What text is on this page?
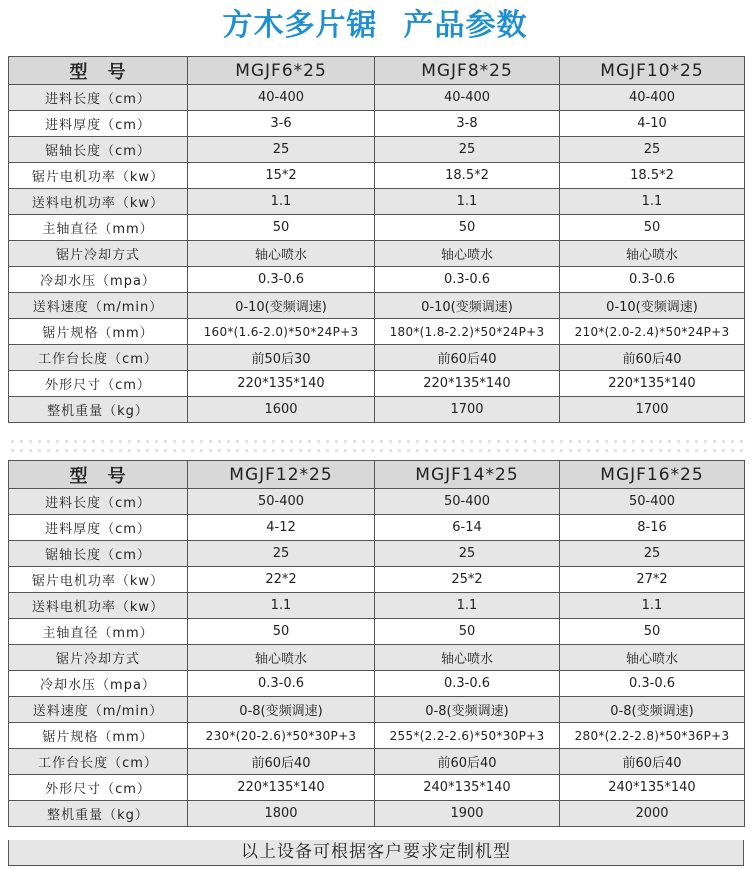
方木多片锯 产品参数
型　号	MGJF6*25	MGJF8*25	MGJF10*25
进料长度（cm）	40-400	40-400	40-400
进料厚度（cm）	3-6	3-8	4-10
锯轴长度（cm）	25	25	25
锯片电机功率（kw）	15*2	18.5*2	18.5*2
送料电机功率（kw）	1.1	1.1	1.1
主轴直径（mm）	50	50	50
锯片冷却方式	轴心喷水	轴心喷水	轴心喷水
冷却水压（mpa）	0.3-0.6	0.3-0.6	0.3-0.6
送料速度（m/min）	0-10(变频调速)	0-10(变频调速)	0-10(变频调速)
锯片规格（mm）	160*(1.6-2.0)*50*24P+3	180*(1.8-2.2)*50*24P+3	210*(2.0-2.4)*50*24P+3
工作台长度（cm）	前50后30	前60后40	前60后40
外形尺寸（cm）	220*135*140	220*135*140	220*135*140
整机重量（kg）	1600	1700	1700
型　号	MGJF12*25	MGJF14*25	MGJF16*25
进料长度（cm）	50-400	50-400	50-400
进料厚度（cm）	4-12	6-14	8-16
锯轴长度（cm）	25	25	25
锯片电机功率（kw）	22*2	25*2	27*2
送料电机功率（kw）	1.1	1.1	1.1
主轴直径（mm）	50	50	50
锯片冷却方式	轴心喷水	轴心喷水	轴心喷水
冷却水压（mpa）	0.3-0.6	0.3-0.6	0.3-0.6
送料速度（m/min）	0-8(变频调速)	0-8(变频调速)	0-8(变频调速)
锯片规格（mm）	230*(20-2.6)*50*30P+3	255*(2.2-2.6)*50*30P+3	280*(2.2-2.8)*50*36P+3
工作台长度（cm）	前60后40	前60后40	前60后40
外形尺寸（cm）	220*135*140	240*135*140	240*135*140
整机重量（kg）	1800	1900	2000
以上设备可根据客户要求定制机型
